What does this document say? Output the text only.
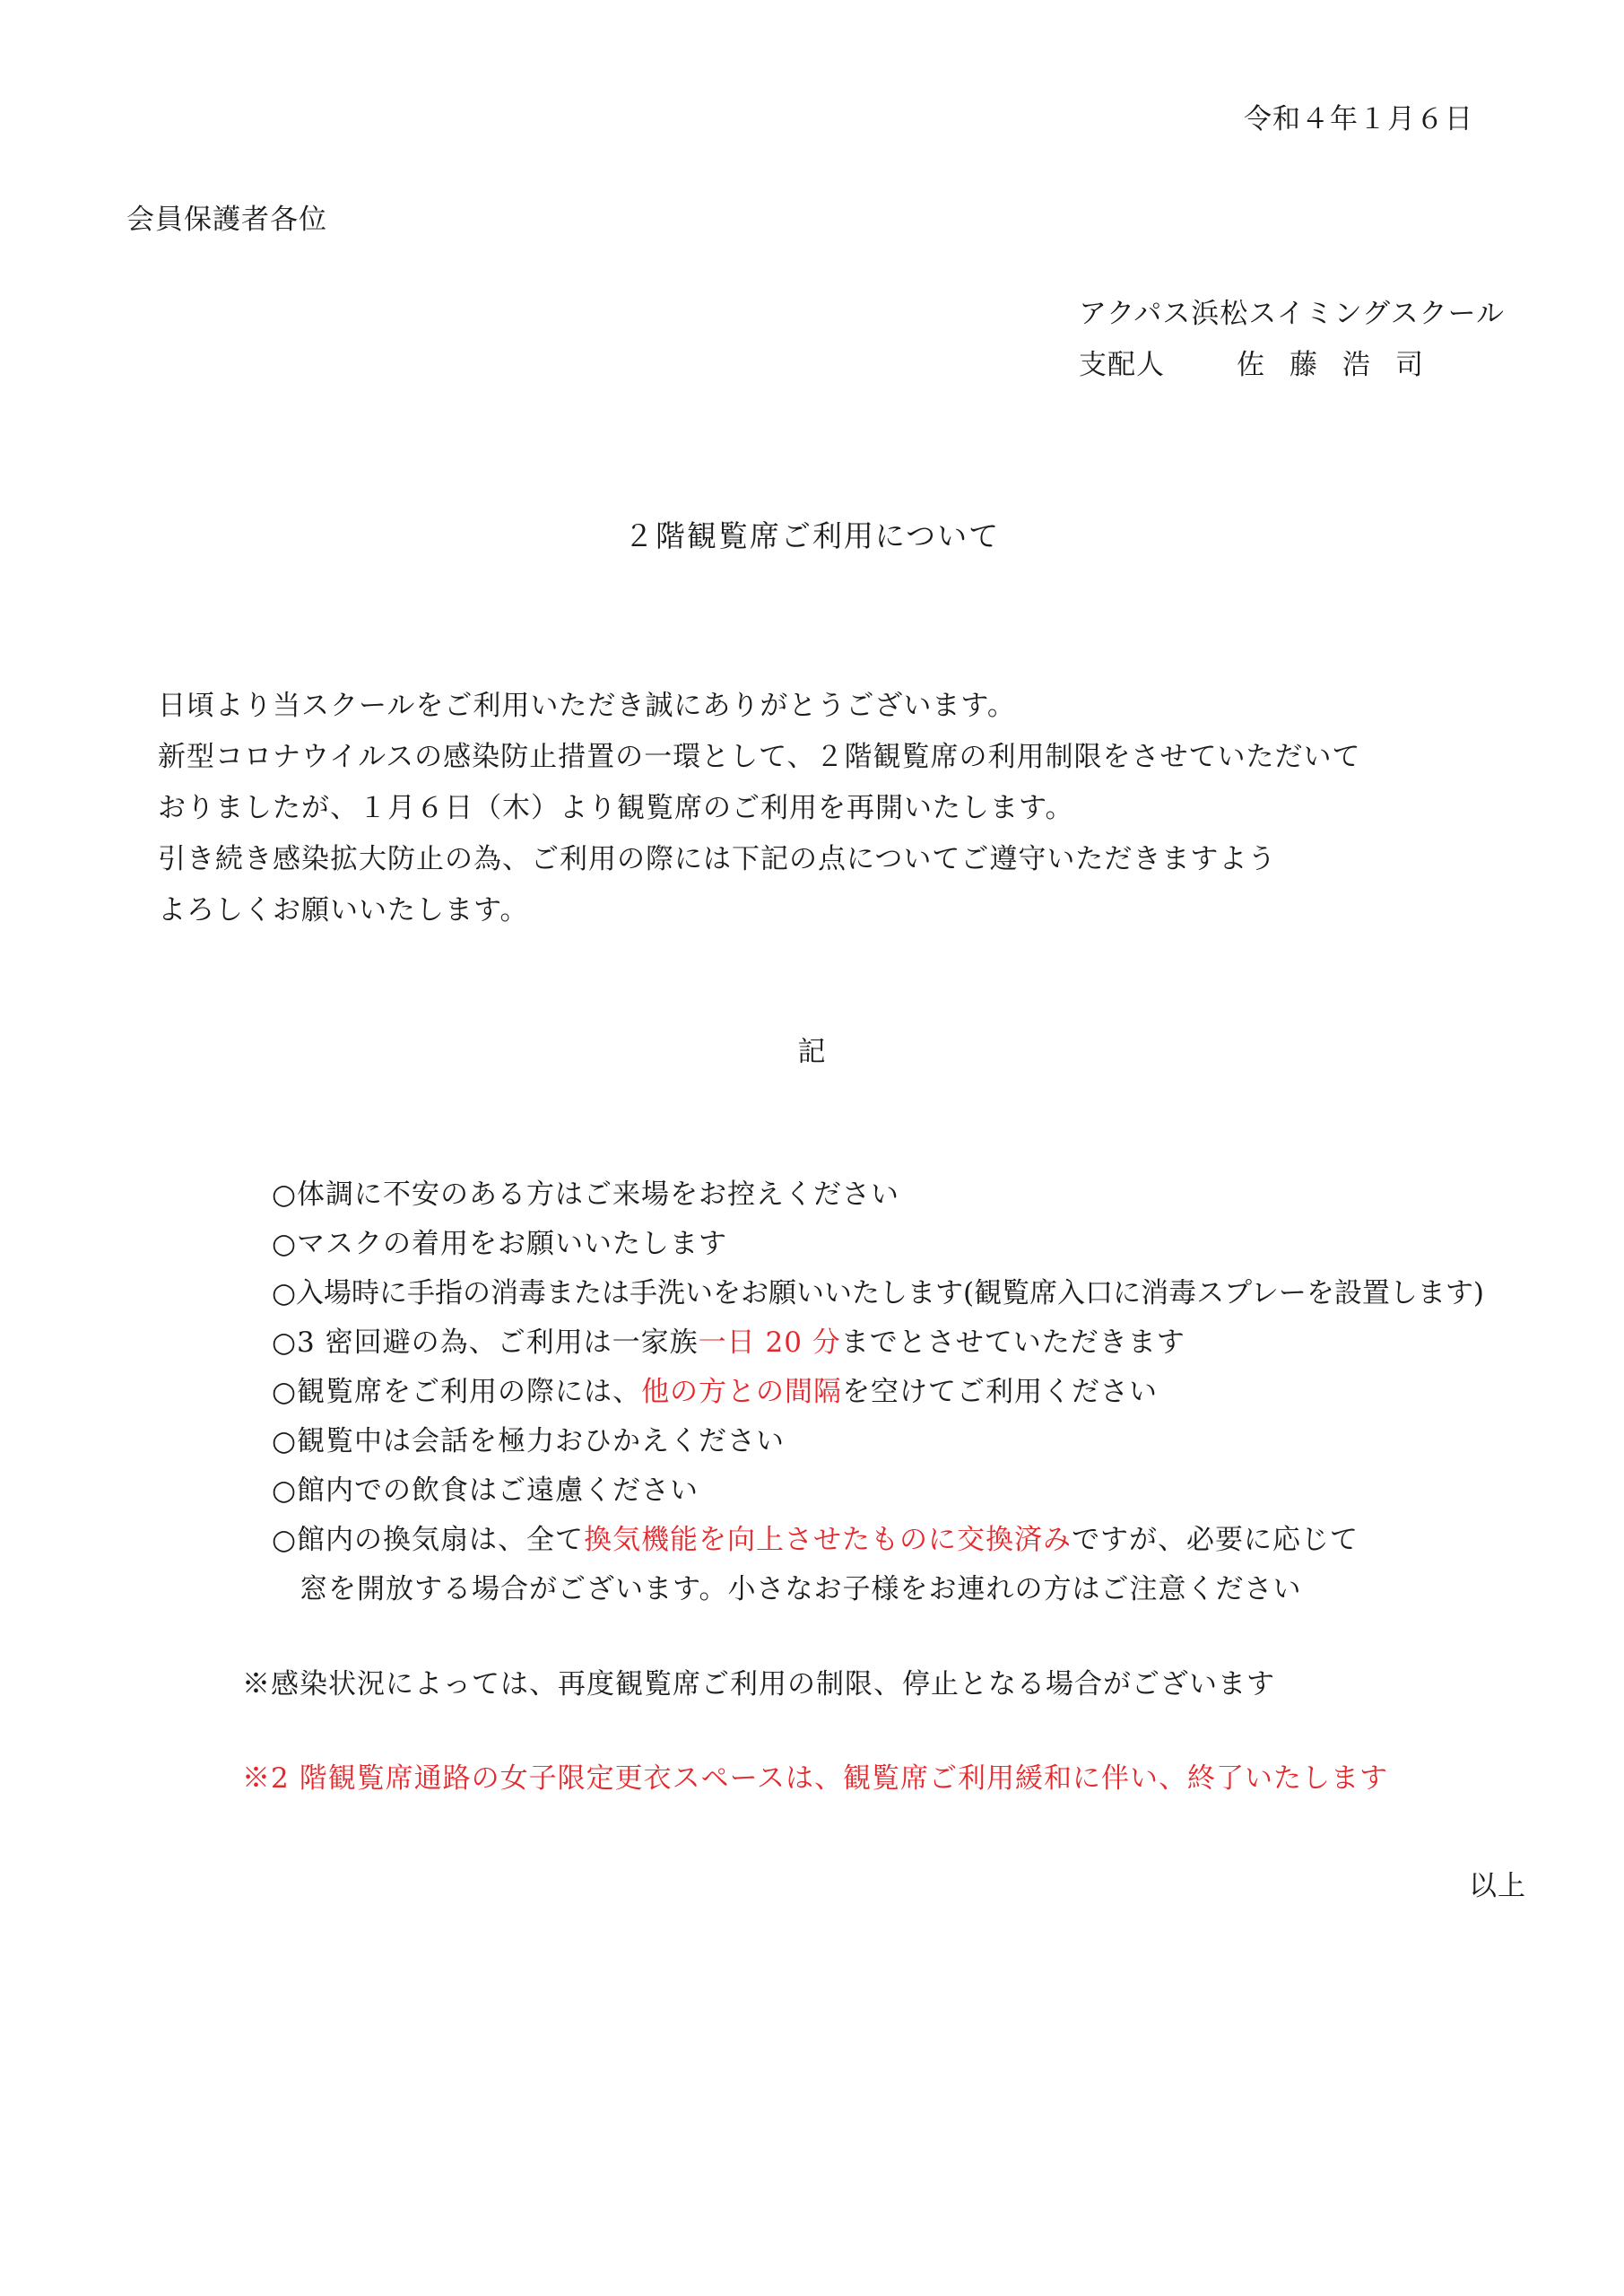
令和４年１月６日
会員保護者各位
アクパス浜松スイミングスクール
支配人	佐藤浩司
２階観覧席ご利用について
日頃より当スクールをご利用いただき誠にありがとうございます。
新型コロナウイルスの感染防止措置の一環として、２階観覧席の利用制限をさせていただいて
おりましたが、１月６日（木）より観覧席のご利用を再開いたします。
引き続き感染拡大防止の為、ご利用の際には下記の点についてご遵守いただきますよう
よろしくお願いいたします。
記
○体調に不安のある方はご来場をお控えください
○マスクの着用をお願いいたします
○入場時に手指の消毒または手洗いをお願いいたします(観覧席入口に消毒スプレーを設置します)
○3 密回避の為、ご利用は一家族一日 20 分までとさせていただきます
○観覧席をご利用の際には、他の方との間隔を空けてご利用ください
○観覧中は会話を極力おひかえください
○館内での飲食はご遠慮ください
○館内の換気扇は、全て換気機能を向上させたものに交換済みですが、必要に応じて
窓を開放する場合がございます。小さなお子様をお連れの方はご注意ください
※感染状況によっては、再度観覧席ご利用の制限、停止となる場合がございます
※2 階観覧席通路の女子限定更衣スペースは、観覧席ご利用緩和に伴い、終了いたします
以上
